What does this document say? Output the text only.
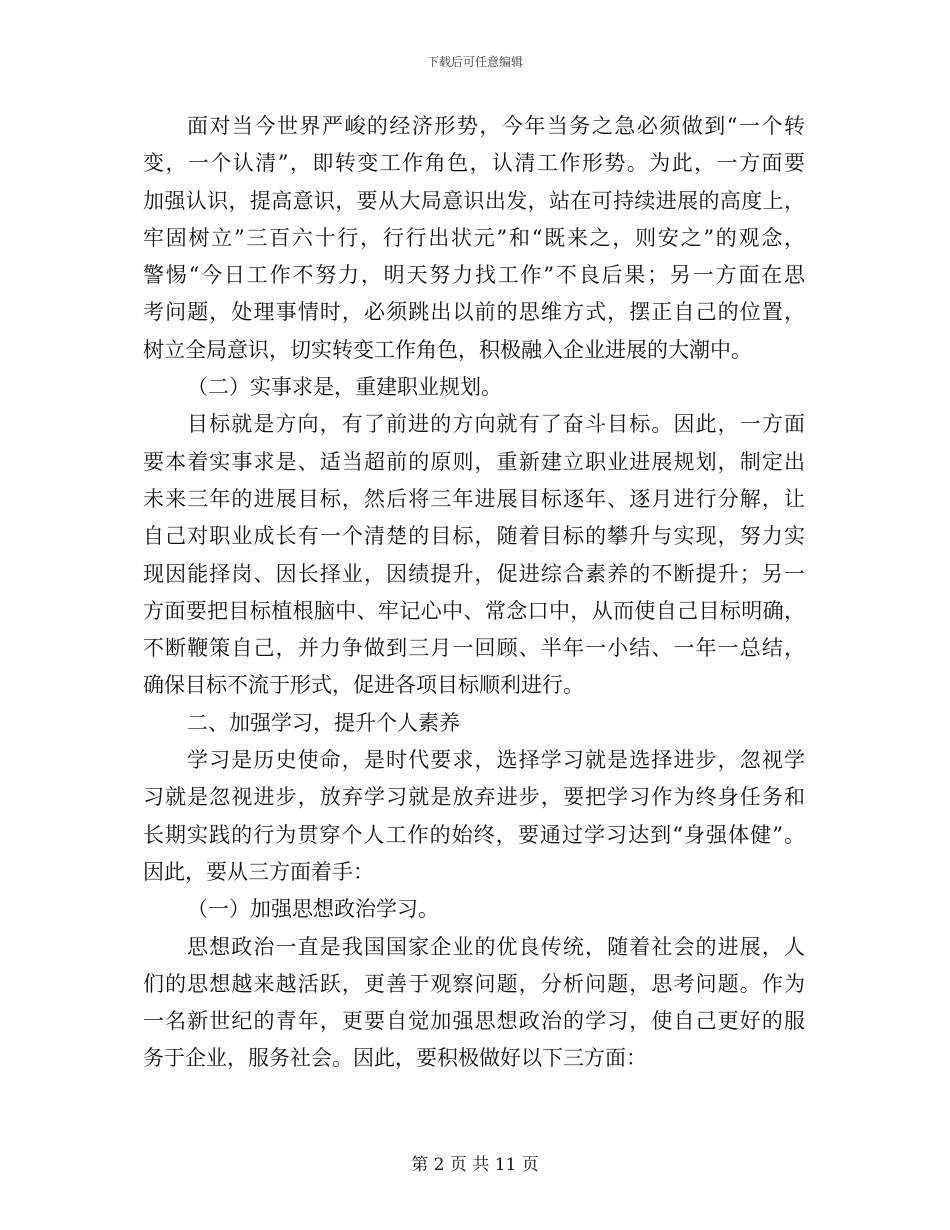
下载后可任意编辑
面对当今世界严峻的经济形势，今年当务之急必须做到“一个转
变，一个认清”，即转变工作角色，认清工作形势。为此，一方面要
加强认识，提高意识，要从大局意识出发，站在可持续进展的高度上，
牢固树立”三百六十行，行行出状元”和“既来之，则安之”的观念，
警惕“今日工作不努力，明天努力找工作”不良后果；另一方面在思
考问题，处理事情时，必须跳出以前的思维方式，摆正自己的位置，
树立全局意识，切实转变工作角色，积极融入企业进展的大潮中。
（二）实事求是，重建职业规划。
目标就是方向，有了前进的方向就有了奋斗目标。因此，一方面
要本着实事求是、适当超前的原则，重新建立职业进展规划，制定出
未来三年的进展目标，然后将三年进展目标逐年、逐月进行分解，让
自己对职业成长有一个清楚的目标，随着目标的攀升与实现，努力实
现因能择岗、因长择业，因绩提升，促进综合素养的不断提升；另一
方面要把目标植根脑中、牢记心中、常念口中，从而使自己目标明确，
不断鞭策自己，并力争做到三月一回顾、半年一小结、一年一总结，
确保目标不流于形式，促进各项目标顺利进行。
二、加强学习，提升个人素养
学习是历史使命，是时代要求，选择学习就是选择进步，忽视学
习就是忽视进步，放弃学习就是放弃进步，要把学习作为终身任务和
长期实践的行为贯穿个人工作的始终，要通过学习达到“身强体健”。
因此，要从三方面着手：
（一）加强思想政治学习。
思想政治一直是我国国家企业的优良传统，随着社会的进展，人
们的思想越来越活跃，更善于观察问题，分析问题，思考问题。作为
一名新世纪的青年，更要自觉加强思想政治的学习，使自己更好的服
务于企业，服务社会。因此，要积极做好以下三方面：
第 2 页 共 11 页
